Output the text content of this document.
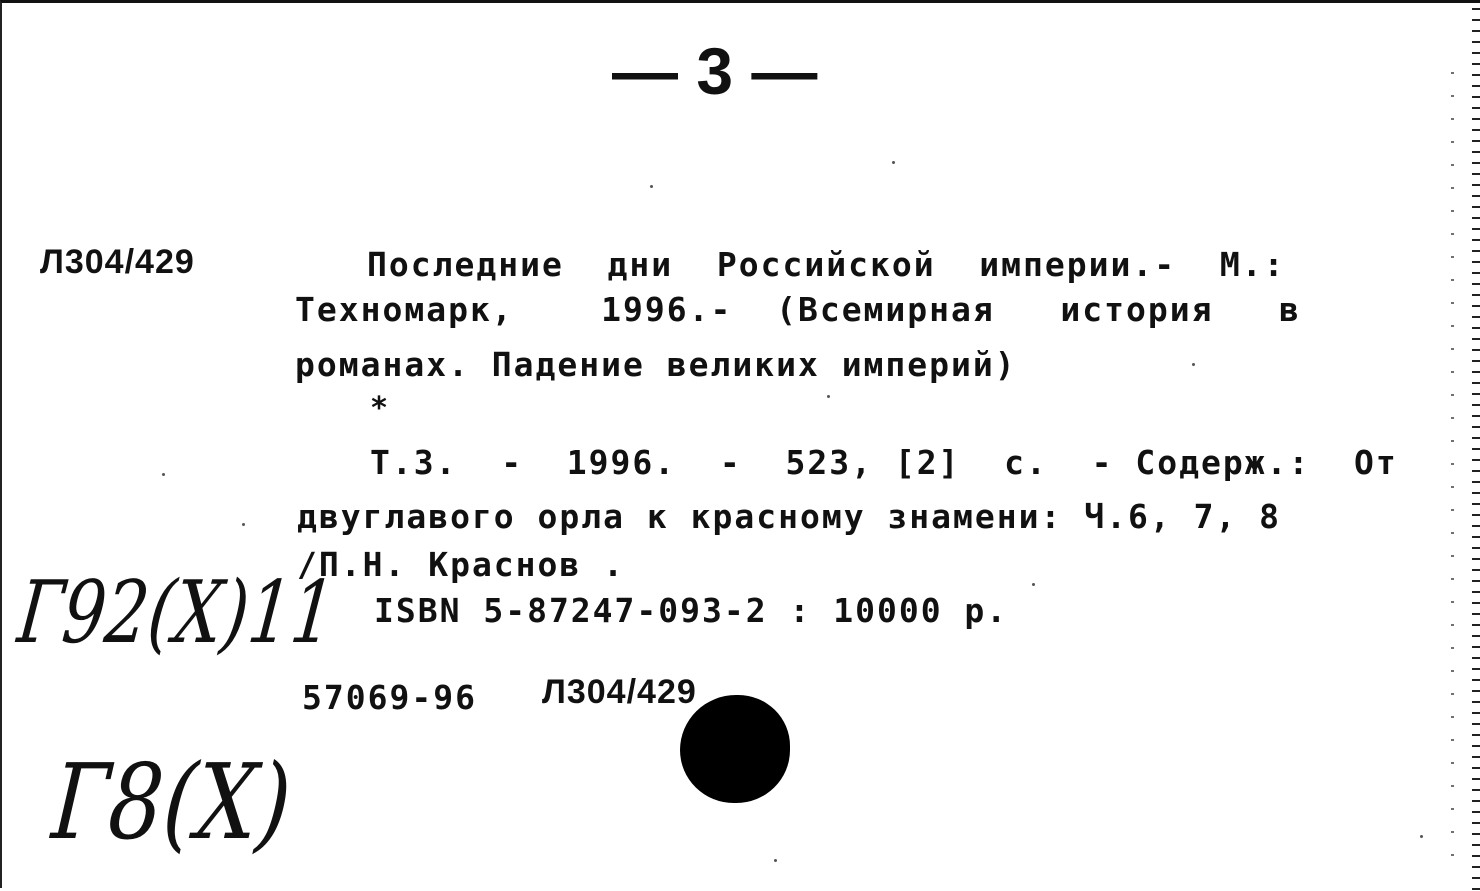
— 3 —
Л304/429	Последние  дни  Российской  империи.-  М.:
Техномарк,    1996.-  (Всемирная   история   в
романах. Падение великих империй)
*
Т.3.  -  1996.  -  523, [2]  с.  - Содерж.:  От
двуглавого орла к красному знамени: Ч.6, 7, 8
/П.Н. Краснов .
ISBN 5-87247-093-2 : 10000 р.
57069-96 Л304/429
Г92(Х)11
Г8(Х)
